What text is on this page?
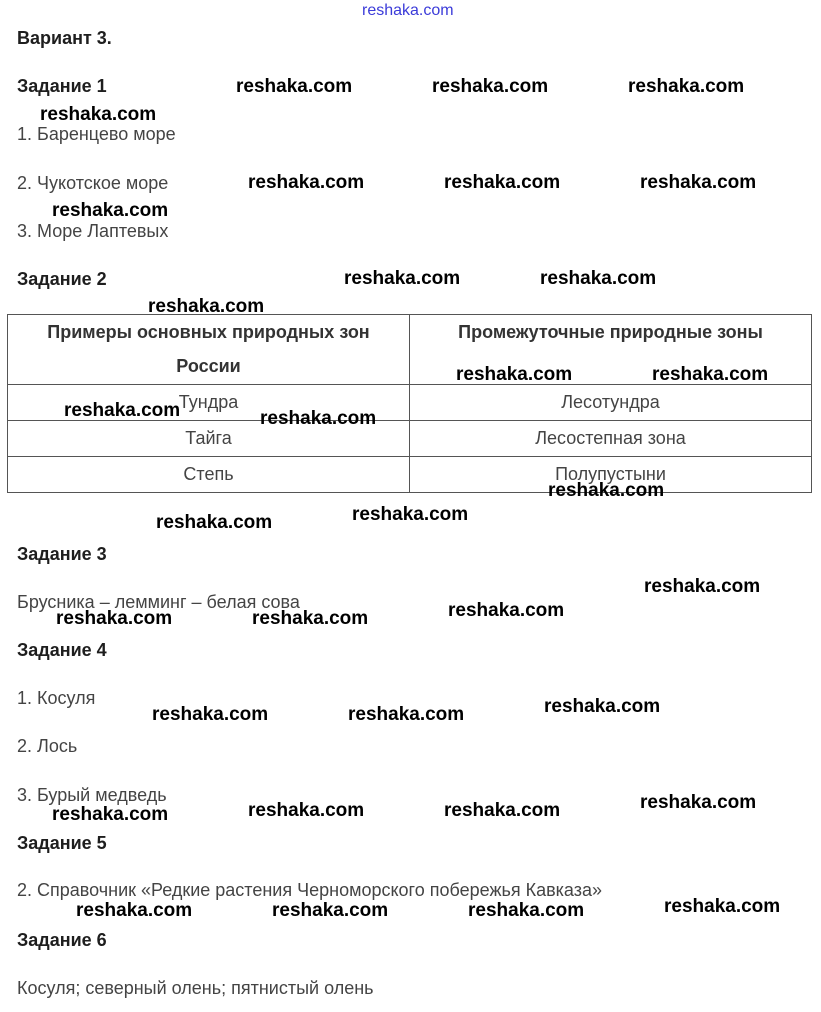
reshaka.com
Вариант 3.
Задание 1
1. Баренцево море
2. Чукотское море
3. Море Лаптевых
Задание 2
Примеры основных природных зон России	Промежуточные природные зоны
Тундра	Лесотундра
Тайга	Лесостепная зона
Степь	Полупустыни
Задание 3
Брусника – лемминг – белая сова
Задание 4
1. Косуля
2. Лось
3. Бурый медведь
Задание 5
2. Справочник «Редкие растения Черноморского побережья Кавказа»
Задание 6
Косуля; северный олень; пятнистый олень
reshaka.com	reshaka.com	reshaka.com
reshaka.com
reshaka.com	reshaka.com	reshaka.com
reshaka.com
reshaka.com	reshaka.com
reshaka.com
reshaka.com	reshaka.com
reshaka.com	reshaka.com
reshaka.com
reshaka.com
reshaka.com
reshaka.com
reshaka.com
reshaka.com	reshaka.com
reshaka.com
reshaka.com	reshaka.com
reshaka.com
reshaka.com	reshaka.com
reshaka.com
reshaka.com
reshaka.com	reshaka.com	reshaka.com
